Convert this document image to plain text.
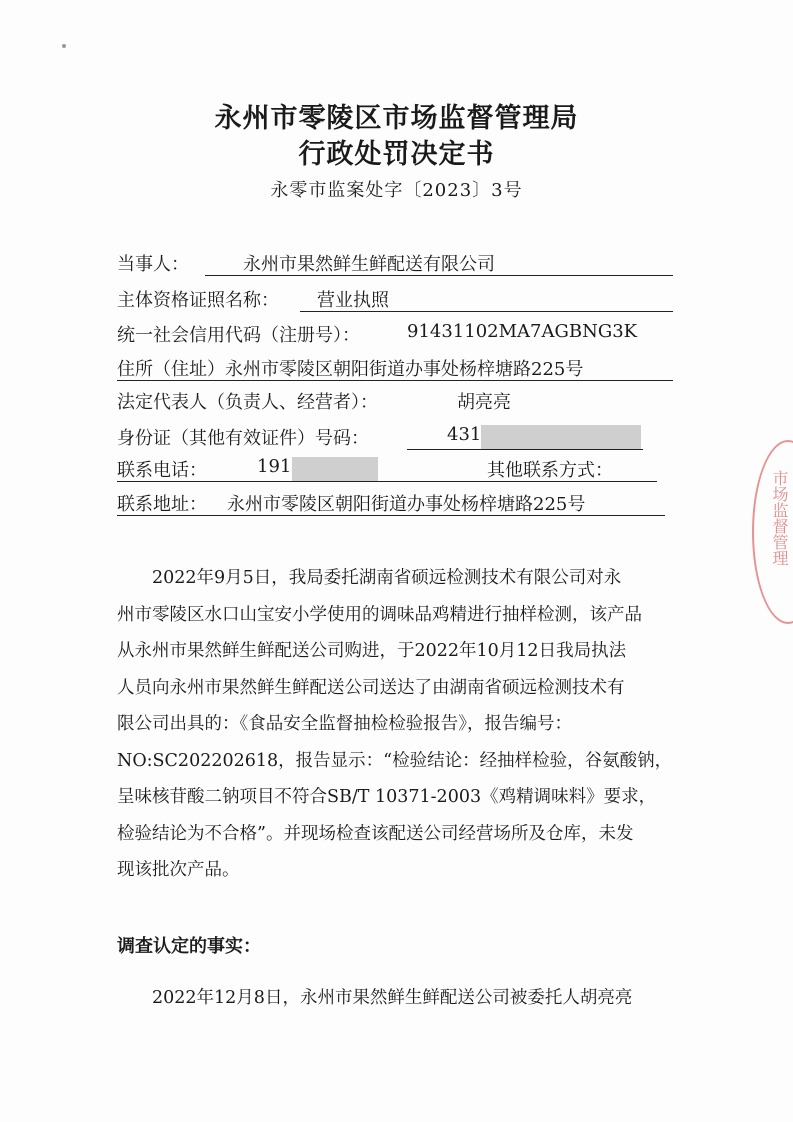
永州市零陵区市场监督管理局
行政处罚决定书
永零市监案处字〔2023〕3号
当事人：	永州市果然鲜生鲜配送有限公司
主体资格证照名称： 营业执照
统一社会信用代码（注册号）：	91431102MA7AGBNG3K
住所（住址） 永州市零陵区朝阳街道办事处杨梓塘路225号
法定代表人（负责人、经营者）：	胡亮亮
身份证（其他有效证件）号码：	431
联系电话：	191	其他联系方式：
联系地址： 永州市零陵区朝阳街道办事处杨梓塘路225号
　　2022年9月5日，我局委托湖南省硕远检测技术有限公司对永
州市零陵区水口山宝安小学使用的调味品鸡精进行抽样检测，该产品
从永州市果然鲜生鲜配送公司购进，于2022年10月12日我局执法
人员向永州市果然鲜生鲜配送公司送达了由湖南省硕远检测技术有
限公司出具的：《食品安全监督抽检检验报告》，报告编号：
NO:SC202202618，报告显示：“检验结论：经抽样检验，谷氨酸钠，
呈味核苷酸二钠项目不符合SB/T 10371-2003《鸡精调味料》要求，
检验结论为不合格”。并现场检查该配送公司经营场所及仓库，未发
现该批次产品。
调查认定的事实：
　　2022年12月8日，永州市果然鲜生鲜配送公司被委托人胡亮亮
市场监督管理
